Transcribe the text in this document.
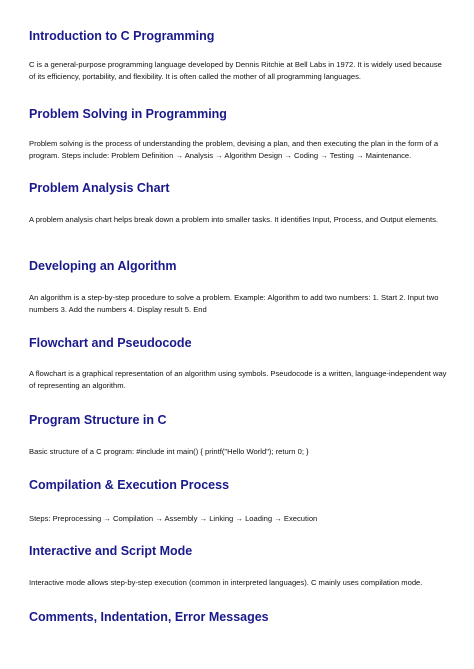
Introduction to C Programming

C is a general-purpose programming language developed by Dennis Ritchie at Bell Labs in 1972. It is widely used because of its efficiency, portability, and flexibility. It is often called the mother of all programming languages.

Problem Solving in Programming

Problem solving is the process of understanding the problem, devising a plan, and then executing the plan in the form of a program. Steps include: Problem Definition → Analysis → Algorithm Design → Coding → Testing → Maintenance.

Problem Analysis Chart

A problem analysis chart helps break down a problem into smaller tasks. It identifies Input, Process, and Output elements.

Developing an Algorithm

An algorithm is a step-by-step procedure to solve a problem. Example: Algorithm to add two numbers: 1. Start 2. Input two numbers 3. Add the numbers 4. Display result 5. End

Flowchart and Pseudocode

A flowchart is a graphical representation of an algorithm using symbols. Pseudocode is a written, language-independent way of representing an algorithm.

Program Structure in C

Basic structure of a C program: #include int main() { printf("Hello World"); return 0; }

Compilation & Execution Process

Steps: Preprocessing → Compilation → Assembly → Linking → Loading → Execution

Interactive and Script Mode

Interactive mode allows step-by-step execution (common in interpreted languages). C mainly uses compilation mode.

Comments, Indentation, Error Messages
